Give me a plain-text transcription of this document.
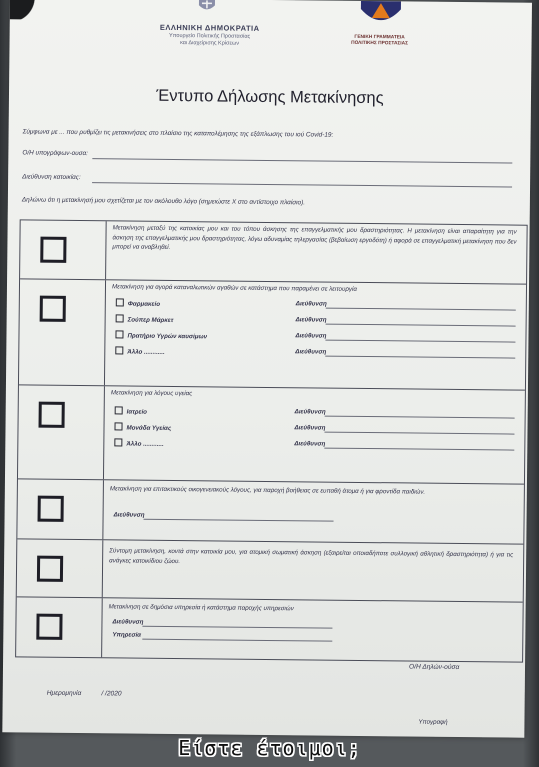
ΕΛΛΗΝΙΚΗ ΔΗΜΟΚΡΑΤΙΑ
Υπουργείο Πολιτικής Προστασίας
και Διαχείρισης Κρίσεων
ΓΕΝΙΚΗ ΓΡΑΜΜΑΤΕΙΑ
ΠΟΛΙΤΙΚΗΣ ΠΡΟΣΤΑΣΙΑΣ
Έντυπο Δήλωσης Μετακίνησης
Σύμφωνα με ... που ρυθμίζει τις μετακινήσεις στο πλαίσιο της καταπολέμησης της εξάπλωσης του ιού Covid-19:
Ο/Η υπογράφων-ουσα:
Διεύθυνση κατοικίας:
Δηλώνω ότι η μετακίνησή μου σχετίζεται με τον ακόλουθο λόγο (σημειώστε Χ στο αντίστοιχο πλαίσιο).
Μετακίνηση μεταξύ της κατοικίας μου και του τόπου άσκησης της επαγγελματικής μου δραστηριότητας. Η μετακίνηση είναι απαραίτητη για την άσκηση της επαγγελματικής μου δραστηριότητας, λόγω αδυναμίας τηλεργασίας (βεβαίωση εργοδότη) ή αφορά σε επαγγελματική μετακίνηση που δεν μπορεί να αναβληθεί.
Μετακίνηση για αγορά καταναλωτικών αγαθών σε κατάστημα που παραμένει σε λειτουργία
Φαρμακείο
Σούπερ Μάρκετ
Πρατήριο Υγρών καυσίμων
Άλλο ............
Διεύθυνση
Διεύθυνση
Διεύθυνση
Διεύθυνση
Μετακίνηση για λόγους υγείας
Ιατρείο
Μονάδα Υγείας
Άλλο ............
Διεύθυνση
Διεύθυνση
Διεύθυνση
Μετακίνηση για επιτακτικούς οικογενειακούς λόγους, για παροχή βοήθειας σε ευπαθή άτομα ή για φροντίδα παιδιών.
Διεύθυνση
Σύντομη μετακίνηση, κοντά στην κατοικία μου, για ατομική σωματική άσκηση (εξαιρείται οποιαδήποτε συλλογική αθλητική δραστηριότητα) ή για τις ανάγκες κατοικίδιου ζώου.
Μετακίνηση σε δημόσια υπηρεσία ή κατάστημα παροχής υπηρεσιών
Διεύθυνση
Υπηρεσία
Ο/Η Δηλών-ούσα
Ημερομηνία	/ /2020
Υπογραφή
Είστε έτοιμοι;
